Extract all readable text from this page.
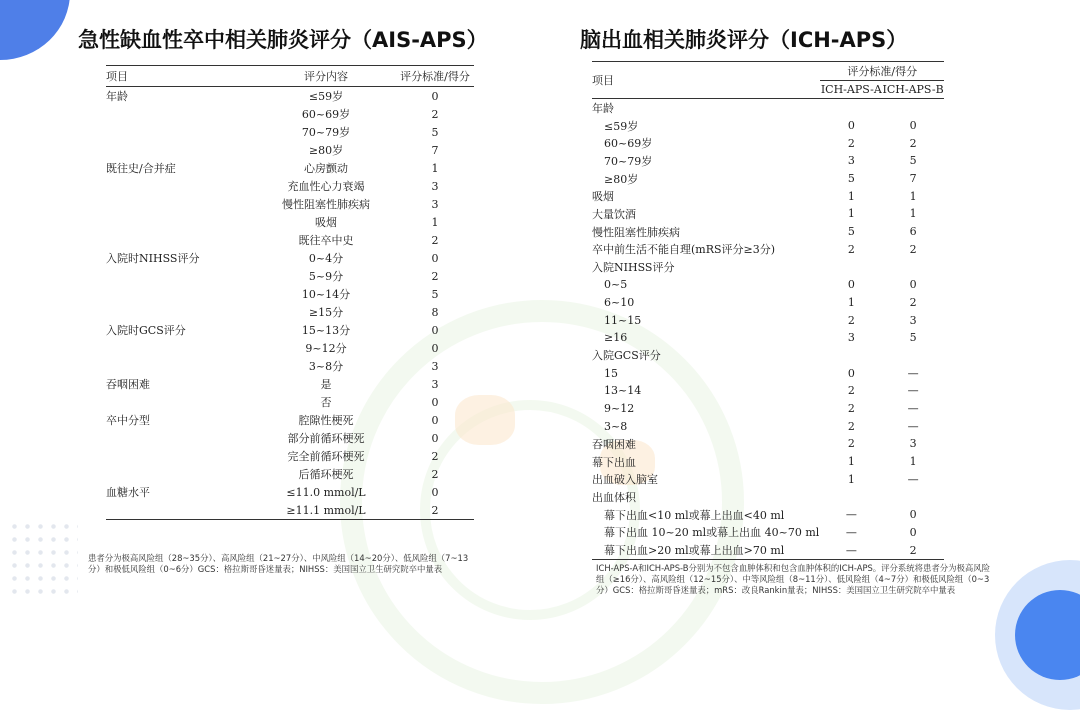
急性缺血性卒中相关肺炎评分（AIS-APS）	脑出血相关肺炎评分（ICH-APS）
项目	评分内容	评分标准/得分
年龄	≤59岁	0
	60~69岁	2
	70~79岁	5
	≥80岁	7
既往史/合并症	心房颤动	1
	充血性心力衰竭	3
	慢性阻塞性肺疾病	3
	吸烟	1
	既往卒中史	2
入院时NIHSS评分	0~4分	0
	5~9分	2
	10~14分	5
	≥15分	8
入院时GCS评分	15~13分	0
	9~12分	0
	3~8分	3
吞咽困难	是	3
	否	0
卒中分型	腔隙性梗死	0
	部分前循环梗死	0
	完全前循环梗死	2
	后循环梗死	2
血糖水平	≤11.0 mmol/L	0
	≥11.1 mmol/L	2
项目	评分标准/得分	
	ICH-APS-A	ICH-APS-B
年龄		
≤59岁	0	0
60~69岁	2	2
70~79岁	3	5
≥80岁	5	7
吸烟	1	1
大量饮酒	1	1
慢性阻塞性肺疾病	5	6
卒中前生活不能自理(mRS评分≥3分)	2	2
入院NIHSS评分		
0~5	0	0
6~10	1	2
11~15	2	3
≥16	3	5
入院GCS评分		
15	0	—
13~14	2	—
9~12	2	—
3~8	2	—
吞咽困难	2	3
幕下出血	1	1
出血破入脑室	1	—
出血体积		
幕下出血<10 ml或幕上出血<40 ml	—	0
幕下出血 10~20 ml或幕上出血 40~70 ml	—	0
幕下出血>20 ml或幕上出血>70 ml	—	2
患者分为极高风险组（28~35分）、高风险组（21~27分）、中风险组（14~20分）、低风险组（7~13分）和极低风险组（0~6分）GCS：格拉斯哥昏迷量表；NIHSS：美国国立卫生研究院卒中量表	ICH-APS-A和ICH-APS-B分别为不包含血肿体积和包含血肿体积的ICH-APS。评分系统将患者分为极高风险组（≥16分）、高风险组（12~15分）、中等风险组（8~11分）、低风险组（4~7分）和极低风险组（0~3分）GCS：格拉斯哥昏迷量表；mRS：改良Rankin量表；NIHSS：美国国立卫生研究院卒中量表
